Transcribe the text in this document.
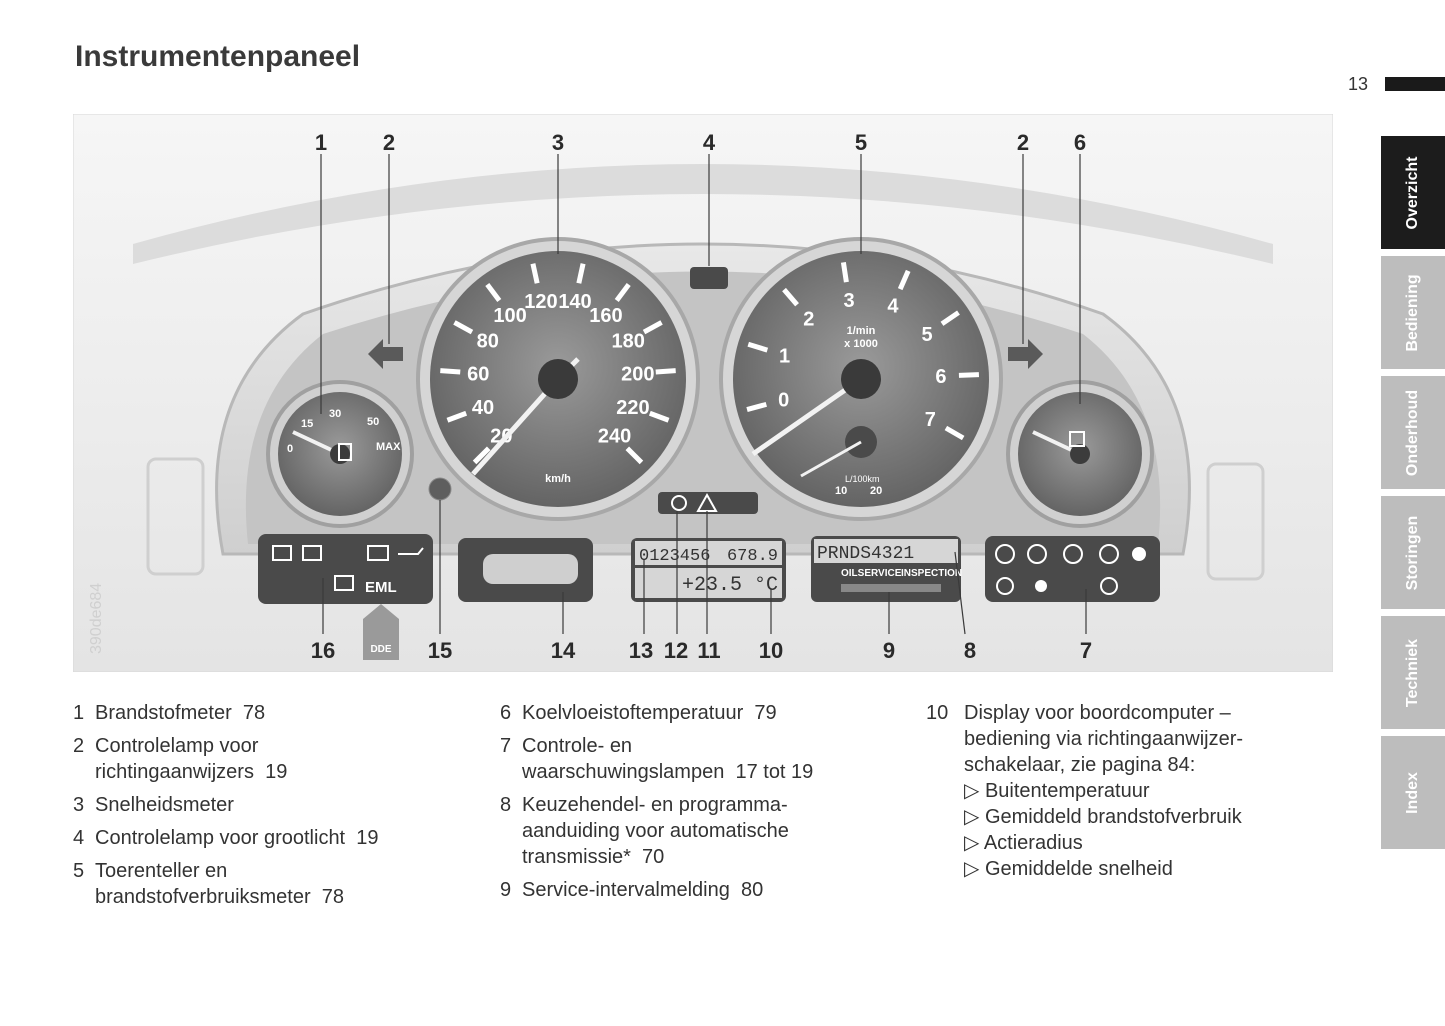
Instrumentenpaneel
13
Overzicht
Bediening
Onderhoud
Storingen
Techniek
Index
0
15
30
50
MAX	20
40
60
80
100
120 140
160
180
200
220
240
km/h
0
1
2
3 4
5
6
7
1/min
x 1000
L/100km
10 20
EML
0123456 678.9
+23.5 °C
PRNDS4321
OILSERVICE INSPECTION
DDE
390de684
1	2	3	4	5	2 6
16	15	14 13 12 11 10	9	8	7
1 Brandstofmeter 78
2 Controlelamp voor richtingaanwijzers 19
3 Snelheidsmeter
4 Controlelamp voor grootlicht 19
5 Toerenteller en brandstofverbruiksmeter 78
6 Koelvloeistoftemperatuur 79
7 Controle- en waarschuwingslampen 17 tot 19
8 Keuzehendel- en programma-aanduiding voor automatische transmissie* 70
9 Service-intervalmelding 80
10 Display voor boordcomputer –
bediening via richtingaanwijzer-
schakelaar, zie pagina 84:
▷ Buitentemperatuur
▷ Gemiddeld brandstofverbruik
▷ Actieradius
▷ Gemiddelde snelheid
